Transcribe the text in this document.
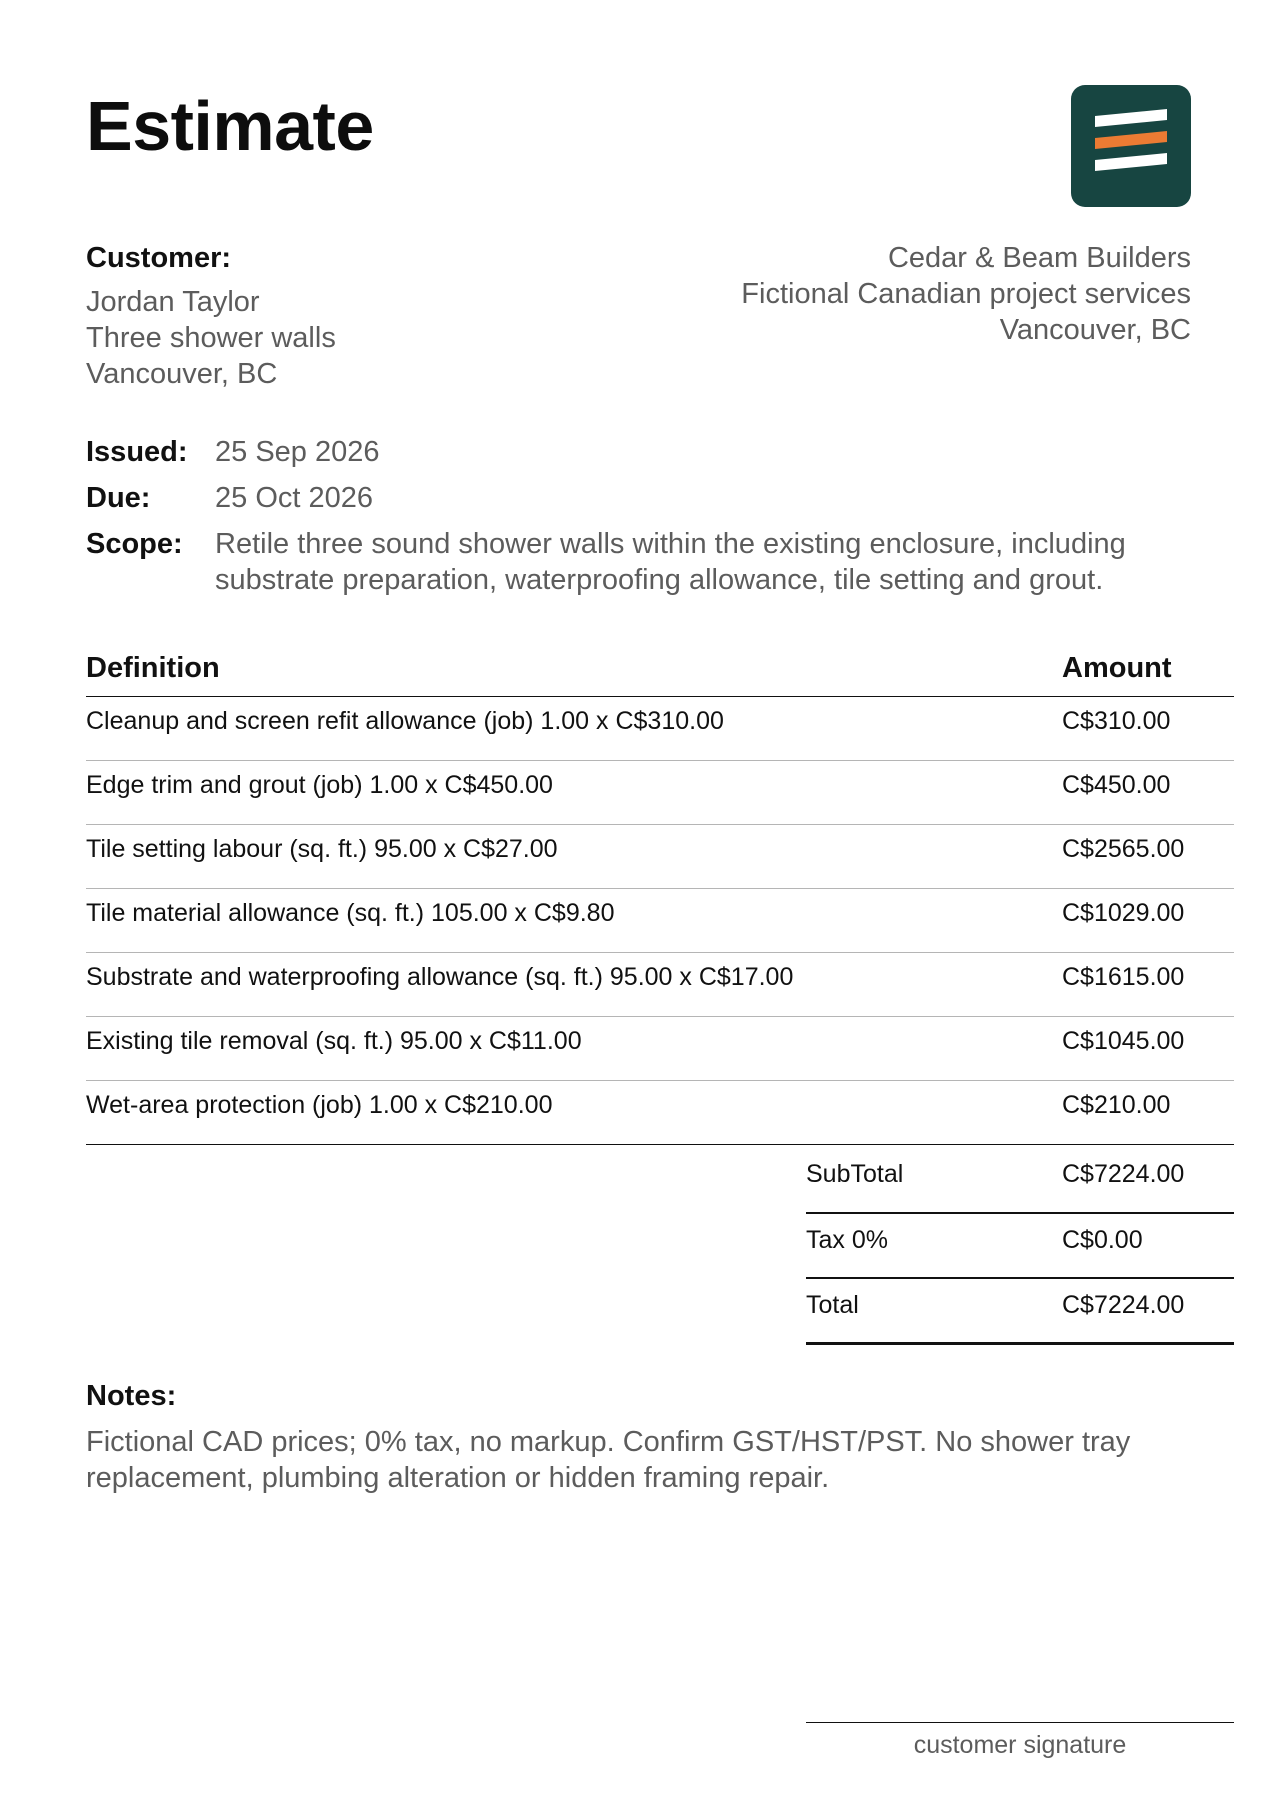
Estimate
Customer:
Jordan Taylor
Three shower walls
Vancouver, BC
Cedar & Beam Builders
Fictional Canadian project services
Vancouver, BC
Issued: 25 Sep 2026
Due:	25 Oct 2026
Scope:	Retile three sound shower walls within the existing enclosure, including substrate preparation, waterproofing allowance, tile setting and grout.
Definition	Amount
Cleanup and screen refit allowance (job) 1.00 x C$310.00	C$310.00
Edge trim and grout (job) 1.00 x C$450.00	C$450.00
Tile setting labour (sq. ft.) 95.00 x C$27.00	C$2565.00
Tile material allowance (sq. ft.) 105.00 x C$9.80	C$1029.00
Substrate and waterproofing allowance (sq. ft.) 95.00 x C$17.00	C$1615.00
Existing tile removal (sq. ft.) 95.00 x C$11.00	C$1045.00
Wet-area protection (job) 1.00 x C$210.00	C$210.00
SubTotal	C$7224.00
Tax 0%	C$0.00
Total	C$7224.00
Notes:
Fictional CAD prices; 0% tax, no markup. Confirm GST/HST/PST. No shower tray replacement, plumbing alteration or hidden framing repair.
customer signature
